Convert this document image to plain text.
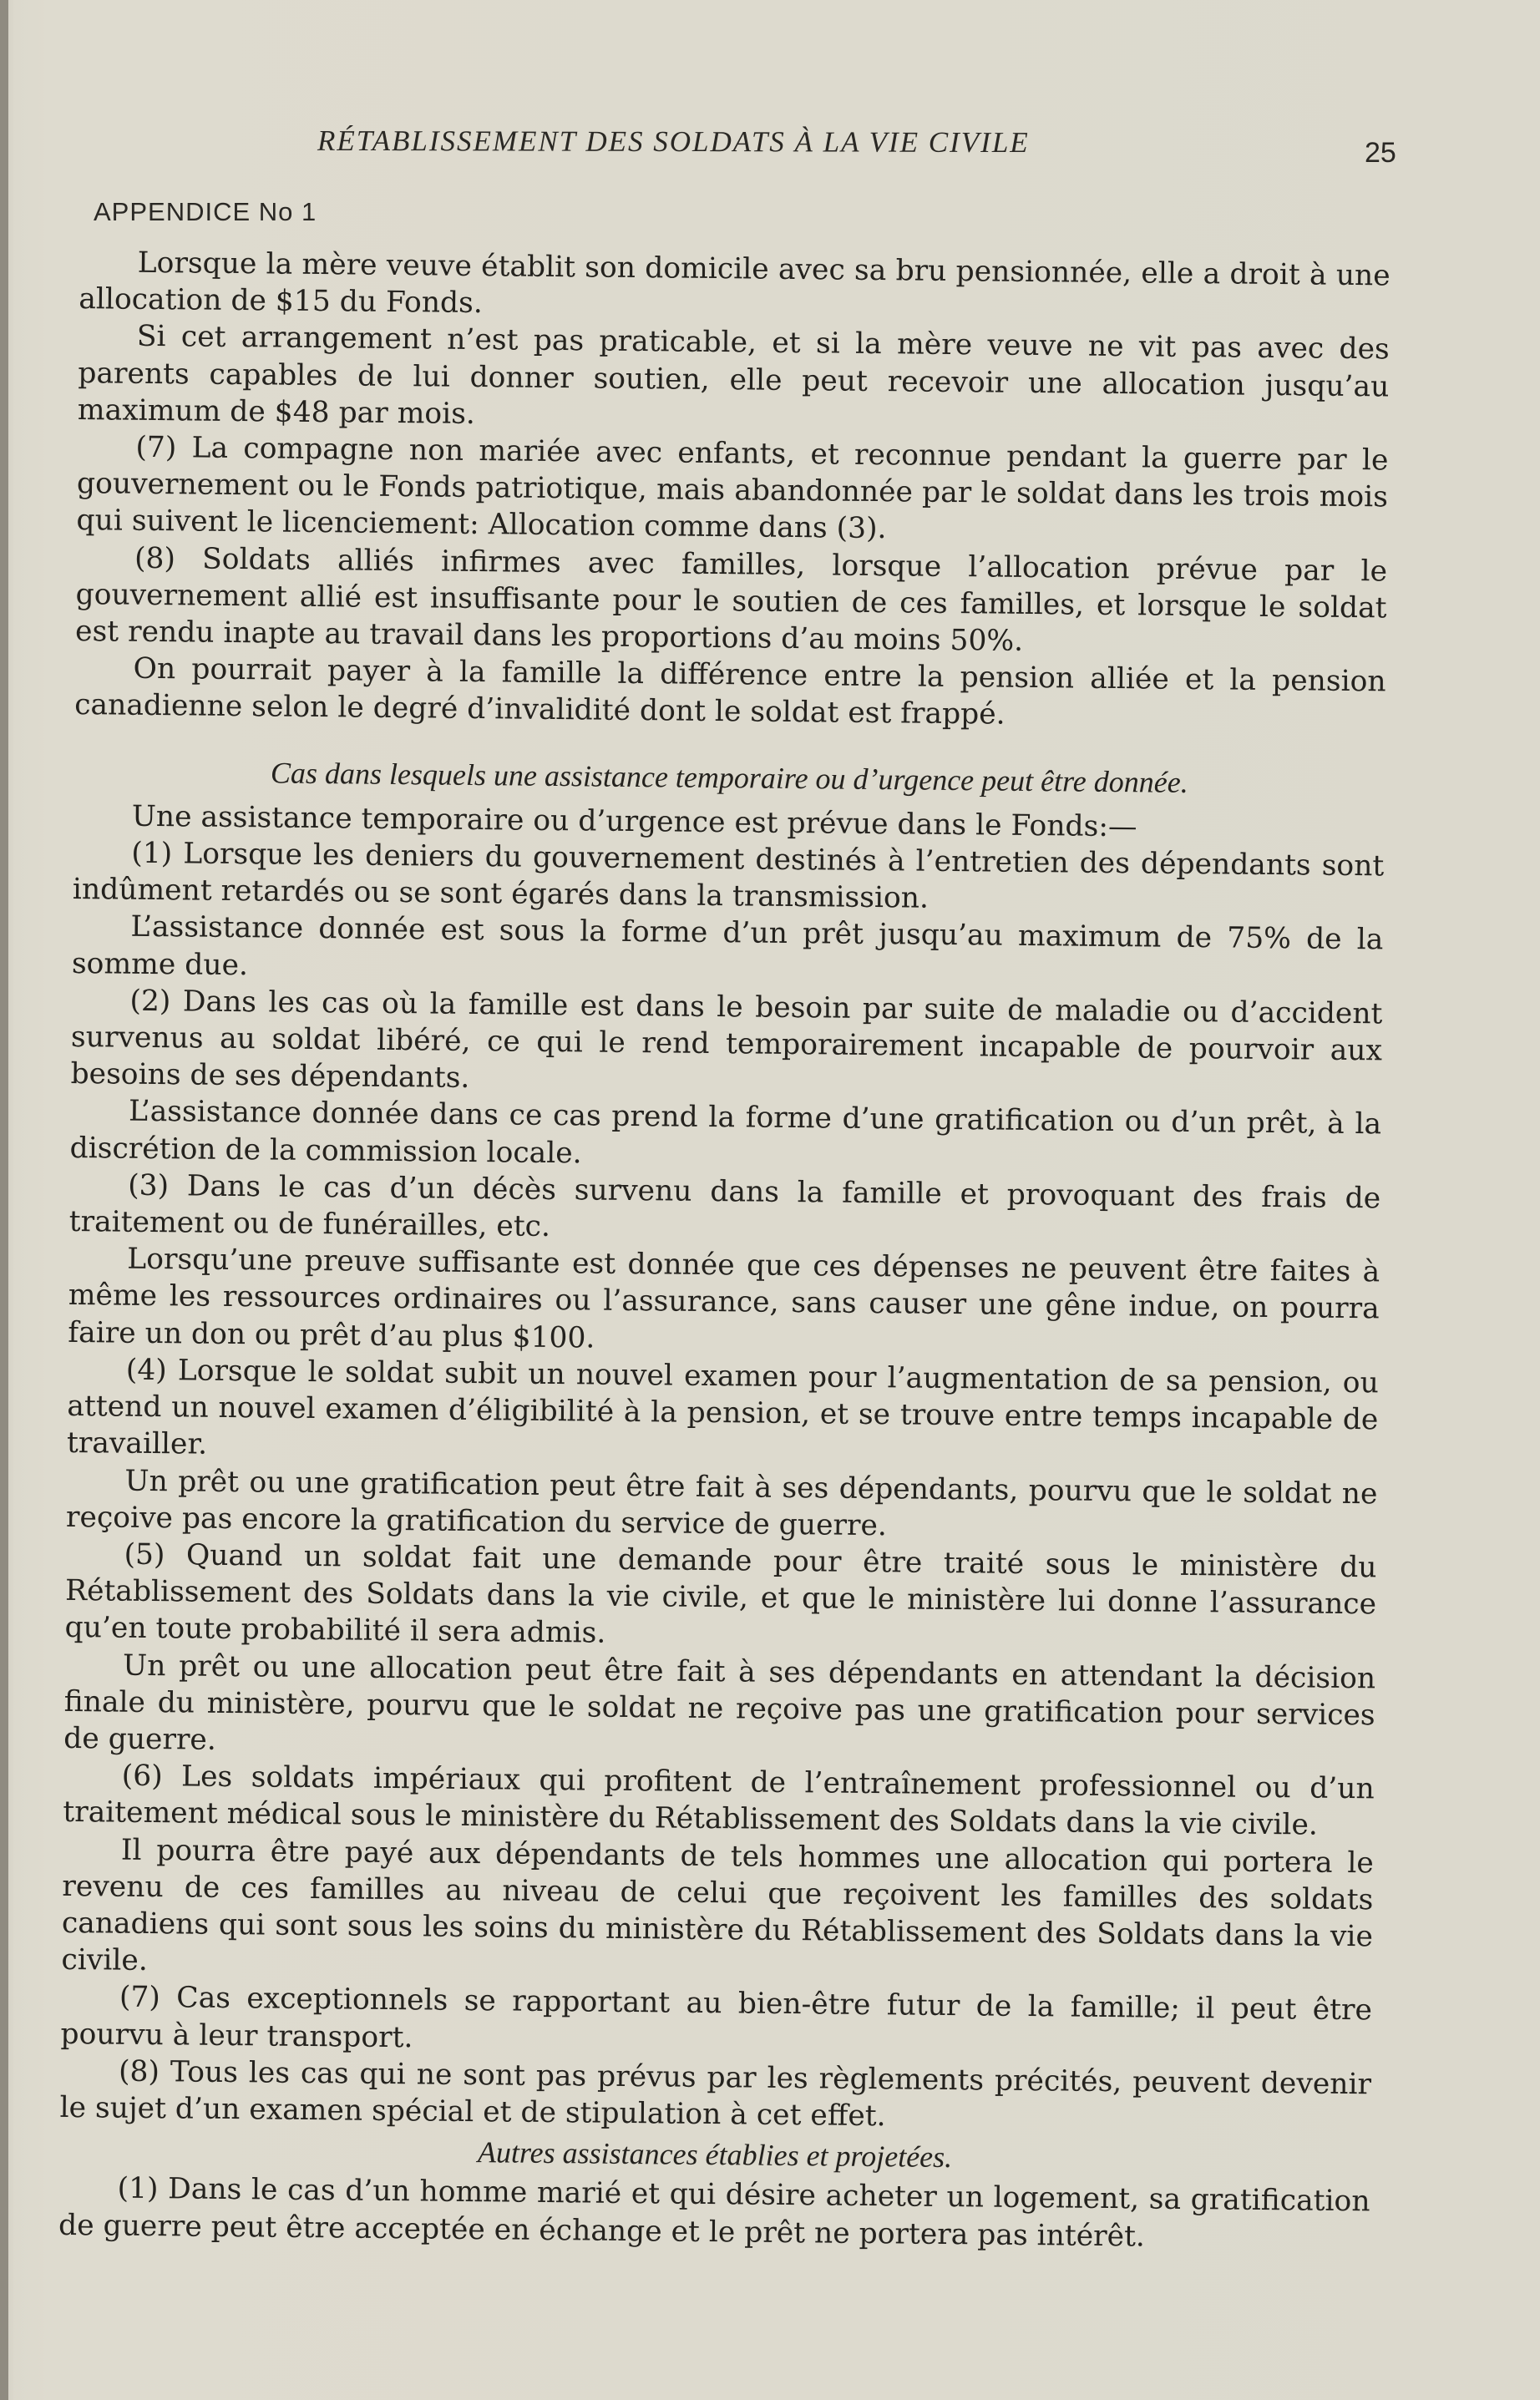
RÉTABLISSEMENT DES SOLDATS À LA VIE CIVILE	25
APPENDICE No 1

Lorsque la mère veuve établit son domicile avec sa bru pensionnée, elle a droit à une allocation de $15 du Fonds.

Si cet arrangement n’est pas praticable, et si la mère veuve ne vit pas avec des parents capables de lui donner soutien, elle peut recevoir une allocation jusqu’au maximum de $48 par mois.

(7) La compagne non mariée avec enfants, et reconnue pendant la guerre par le gouvernement ou le Fonds patriotique, mais abandonnée par le soldat dans les trois mois qui suivent le licenciement: Allocation comme dans (3).

(8) Soldats alliés infirmes avec familles, lorsque l’allocation prévue par le gouvernement allié est insuffisante pour le soutien de ces familles, et lorsque le soldat est rendu inapte au travail dans les proportions d’au moins 50%.

On pourrait payer à la famille la différence entre la pension alliée et la pension canadienne selon le degré d’invalidité dont le soldat est frappé.

Cas dans lesquels une assistance temporaire ou d’urgence peut être donnée.

Une assistance temporaire ou d’urgence est prévue dans le Fonds:—

(1) Lorsque les deniers du gouvernement destinés à l’entretien des dépendants sont indûment retardés ou se sont égarés dans la transmission.

L’assistance donnée est sous la forme d’un prêt jusqu’au maximum de 75% de la somme due.

(2) Dans les cas où la famille est dans le besoin par suite de maladie ou d’accident survenus au soldat libéré, ce qui le rend temporairement incapable de pourvoir aux besoins de ses dépendants.

L’assistance donnée dans ce cas prend la forme d’une gratification ou d’un prêt, à la discrétion de la commission locale.

(3) Dans le cas d’un décès survenu dans la famille et provoquant des frais de traitement ou de funérailles, etc.

Lorsqu’une preuve suffisante est donnée que ces dépenses ne peuvent être faites à même les ressources ordinaires ou l’assurance, sans causer une gêne indue, on pourra faire un don ou prêt d’au plus $100.

(4) Lorsque le soldat subit un nouvel examen pour l’augmentation de sa pension, ou attend un nouvel examen d’éligibilité à la pension, et se trouve entre temps incapable de travailler.

Un prêt ou une gratification peut être fait à ses dépendants, pourvu que le soldat ne reçoive pas encore la gratification du service de guerre.

(5) Quand un soldat fait une demande pour être traité sous le ministère du Rétablissement des Soldats dans la vie civile, et que le ministère lui donne l’assurance qu’en toute probabilité il sera admis.

Un prêt ou une allocation peut être fait à ses dépendants en attendant la décision finale du ministère, pourvu que le soldat ne reçoive pas une gratification pour services de guerre.

(6) Les soldats impériaux qui profitent de l’entraînement professionnel ou d’un traitement médical sous le ministère du Rétablissement des Soldats dans la vie civile.

Il pourra être payé aux dépendants de tels hommes une allocation qui portera le revenu de ces familles au niveau de celui que reçoivent les familles des soldats canadiens qui sont sous les soins du ministère du Rétablissement des Soldats dans la vie civile.

(7) Cas exceptionnels se rapportant au bien-être futur de la famille; il peut être pourvu à leur transport.

(8) Tous les cas qui ne sont pas prévus par les règlements précités, peuvent devenir le sujet d’un examen spécial et de stipulation à cet effet.

Autres assistances établies et projetées.

(1) Dans le cas d’un homme marié et qui désire acheter un logement, sa gratification de guerre peut être acceptée en échange et le prêt ne portera pas intérêt.
